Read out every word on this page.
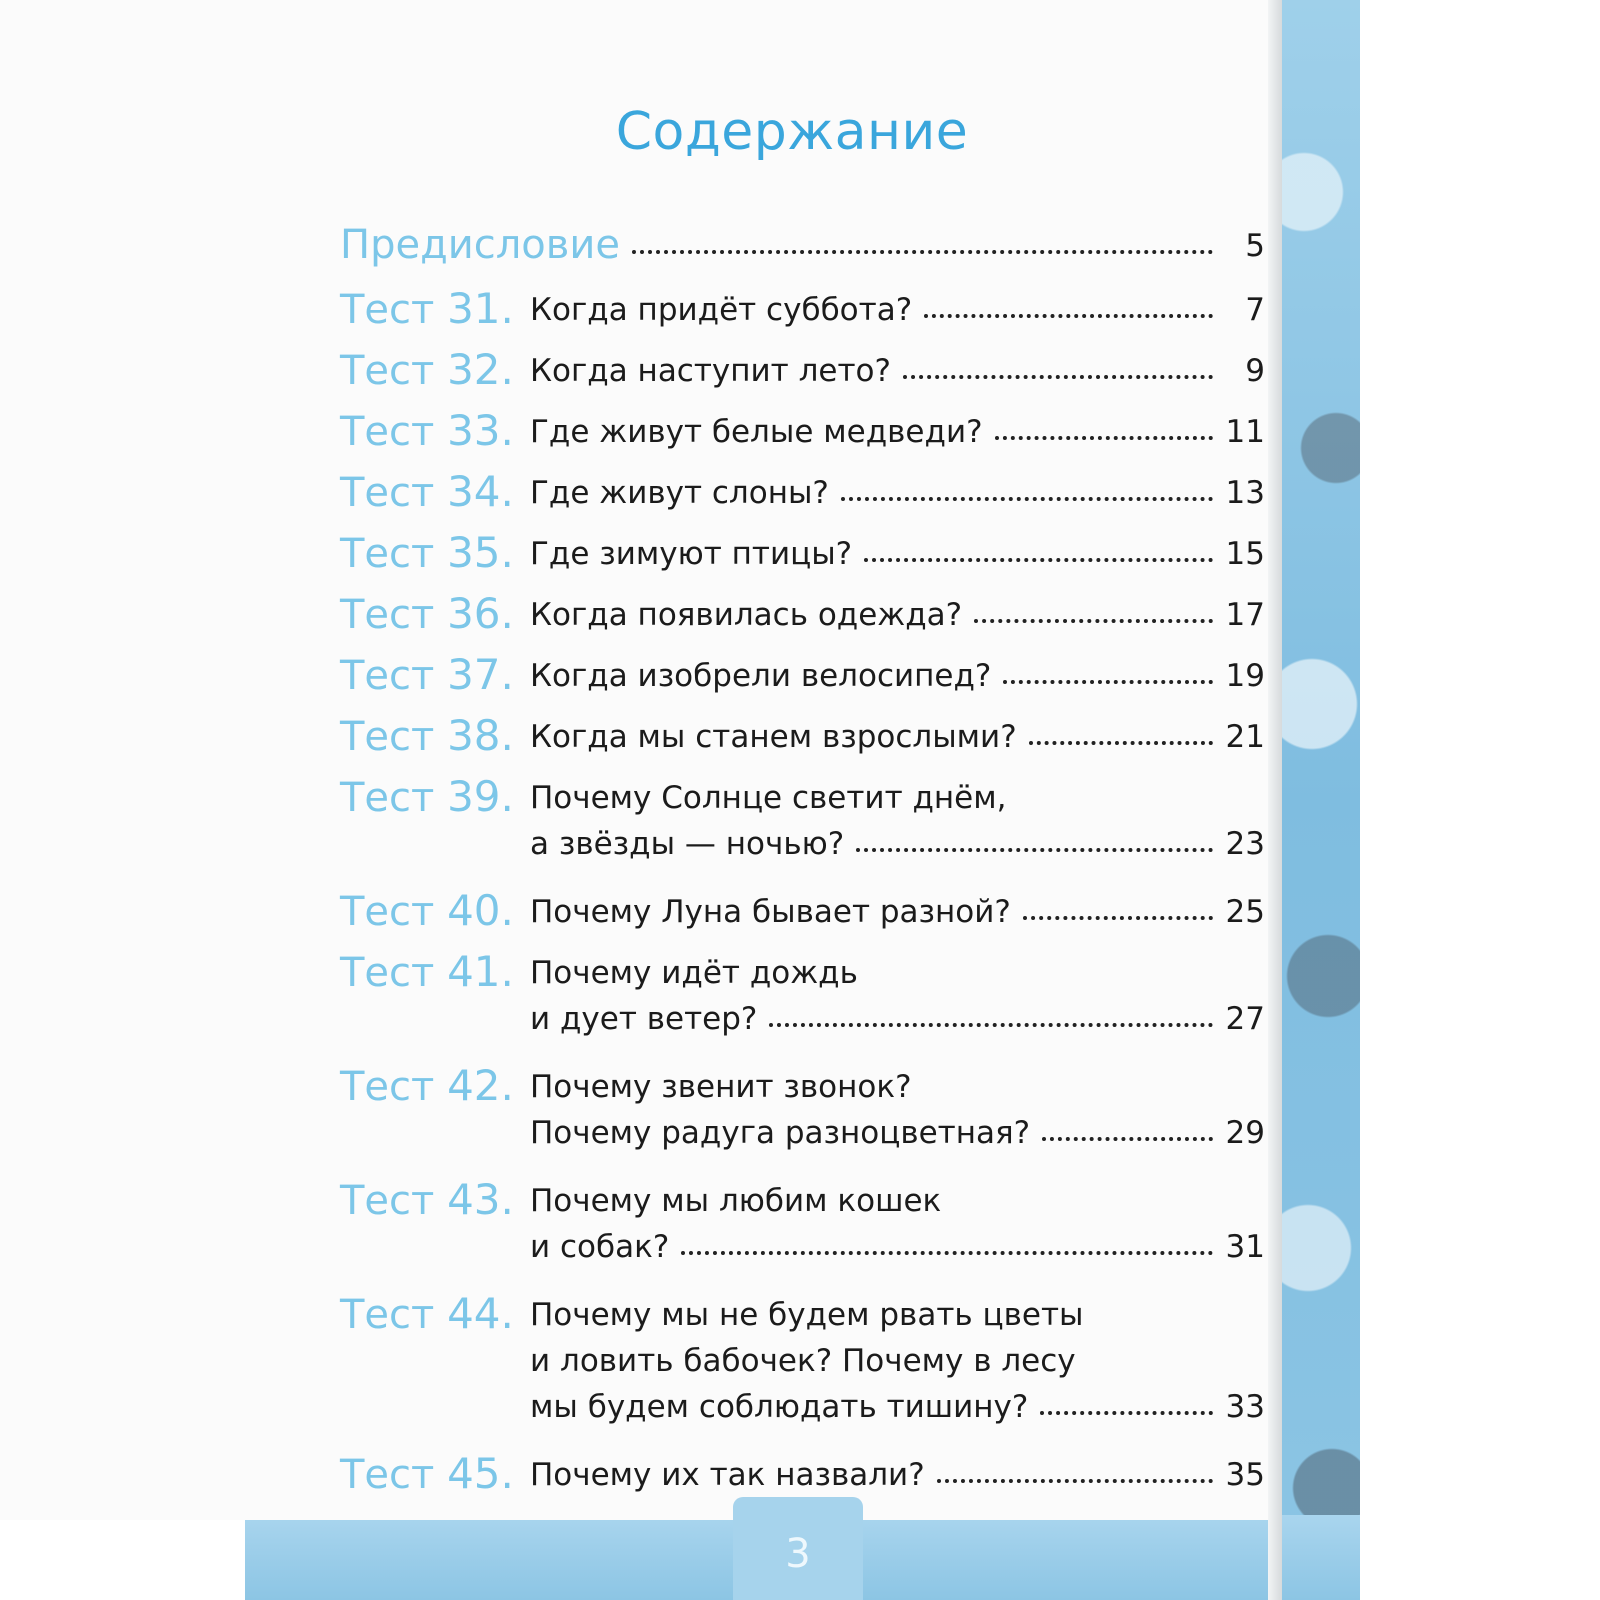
Содержание
Предисловие	5
Тест 31. Когда придёт суббота?	7
Тест 32. Когда наступит лето?	9
Тест 33. Где живут белые медведи?	11
Тест 34. Где живут слоны?	13
Тест 35. Где зимуют птицы?	15
Тест 36. Когда появилась одежда?	17
Тест 37. Когда изобрели велосипед?	19
Тест 38. Когда мы станем взрослыми?	21
Тест 39. Почему Солнце светит днём,
а звёзды — ночью?	23
Тест 40. Почему Луна бывает разной?	25
Тест 41. Почему идёт дождь
и дует ветер?	27
Тест 42. Почему звенит звонок?
Почему радуга разноцветная?	29
Тест 43. Почему мы любим кошек
и собак?	31
Тест 44. Почему мы не будем рвать цветы
и ловить бабочек? Почему в лесу
мы будем соблюдать тишину?	33
Тест 45. Почему их так назвали?	35
3
